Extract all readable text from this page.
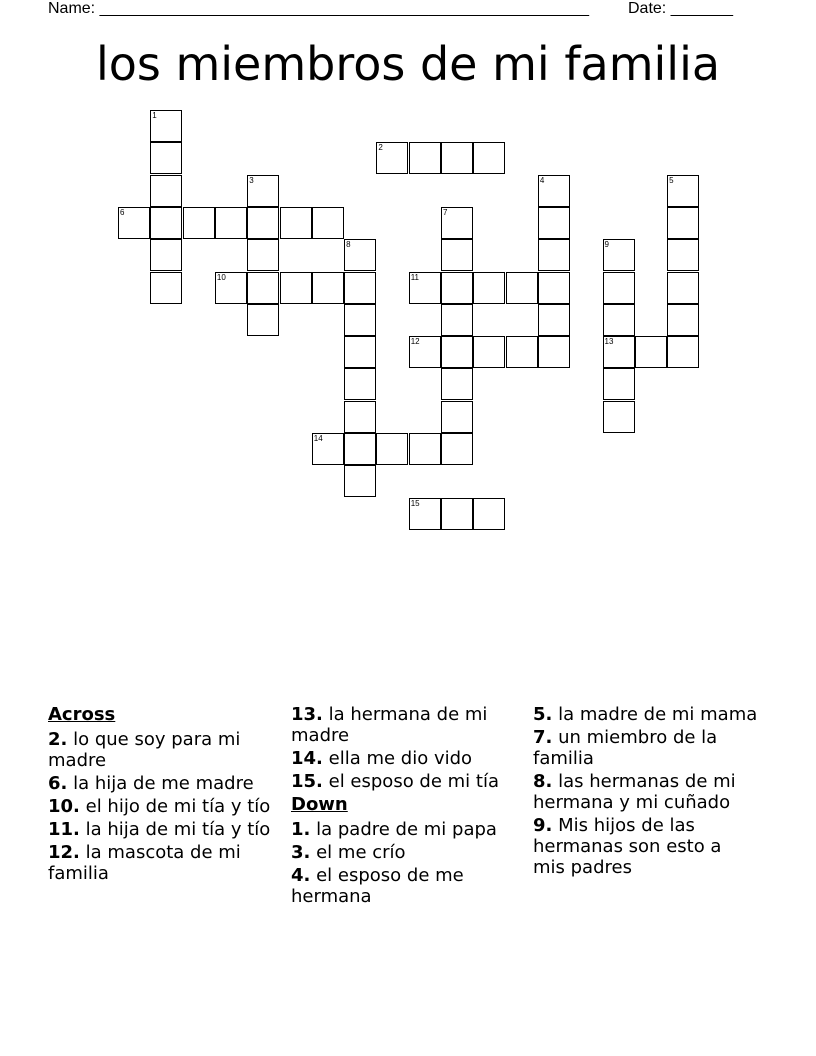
Name: _______________________________________________________ Date: _______
los miembros de mi familia
1
2
3	4	5
6	7
8	9
13
10	11
12
14
15
Across
2. lo que soy para mi madre
6. la hija de me madre
10. el hijo de mi tía y tío
11. la hija de mi tía y tío
12. la mascota de mi familia
13. la hermana de mi madre
14. ella me dio vido
15. el esposo de mi tía
Down
1. la padre de mi papa
3. el me crío
4. el esposo de me hermana
5. la madre de mi mama
7. un miembro de la familia
8. las hermanas de mi hermana y mi cuñado
9. Mis hijos de las hermanas son esto a mis padres
